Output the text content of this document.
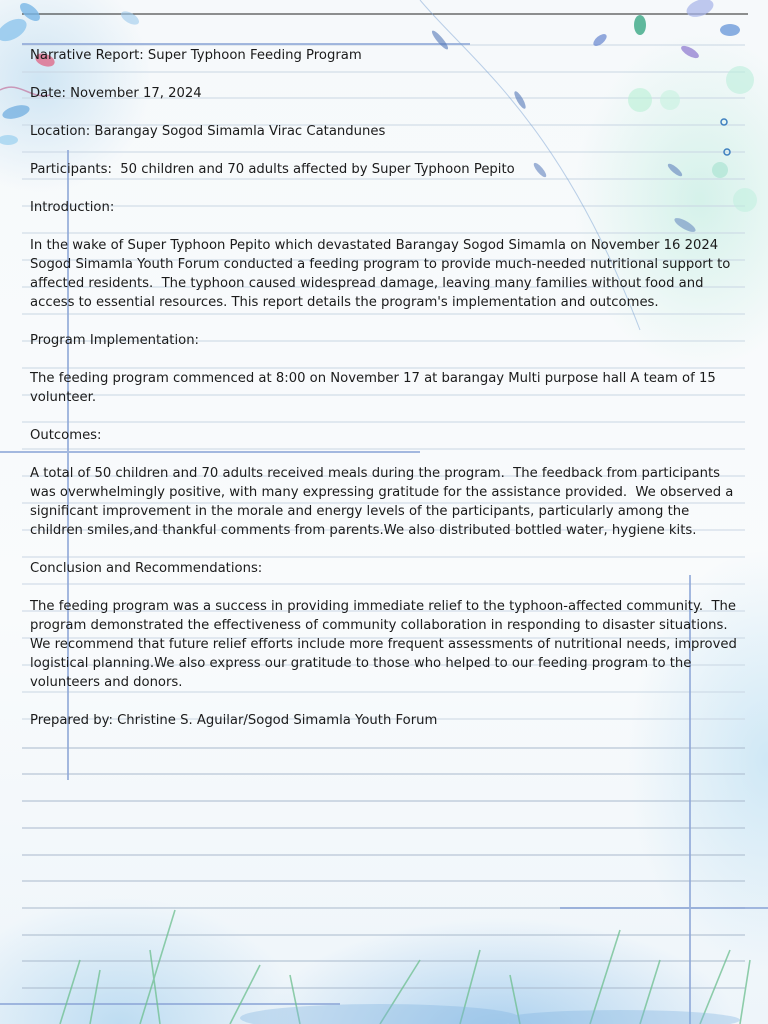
Narrative Report: Super Typhoon Feeding Program

Date: November 17, 2024

Location: Barangay Sogod Simamla Virac Catandunes

Participants:  50 children and 70 adults affected by Super Typhoon Pepito

Introduction:

In the wake of Super Typhoon Pepito which devastated Barangay Sogod Simamla on November 16 2024 Sogod Simamla Youth Forum conducted a feeding program to provide much-needed nutritional support to affected residents.  The typhoon caused widespread damage, leaving many families without food and access to essential resources. This report details the program's implementation and outcomes.

Program Implementation:

The feeding program commenced at 8:00 on November 17 at barangay Multi purpose hall A team of 15 volunteer.

Outcomes:

A total of 50 children and 70 adults received meals during the program.  The feedback from participants was overwhelmingly positive, with many expressing gratitude for the assistance provided.  We observed a significant improvement in the morale and energy levels of the participants, particularly among the children smiles,and thankful comments from parents.We also distributed bottled water, hygiene kits.

Conclusion and Recommendations:

The feeding program was a success in providing immediate relief to the typhoon-affected community.  The program demonstrated the effectiveness of community collaboration in responding to disaster situations.  We recommend that future relief efforts include more frequent assessments of nutritional needs, improved logistical planning.We also express our gratitude to those who helped to our feeding program to the volunteers and donors.

Prepared by: Christine S. Aguilar/Sogod Simamla Youth Forum
